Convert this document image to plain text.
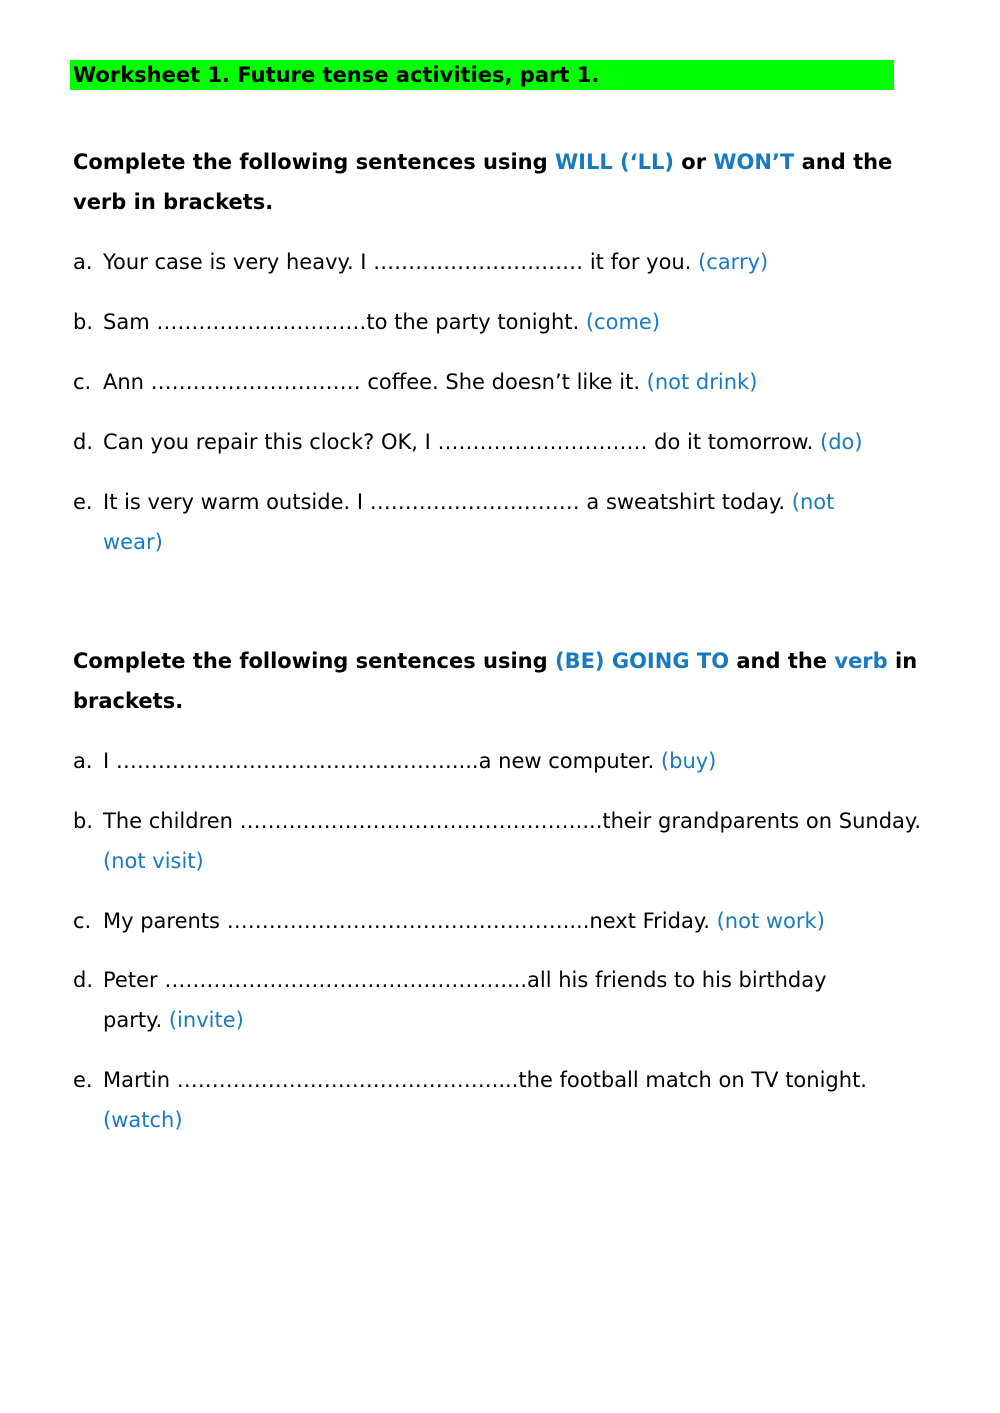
Worksheet 1. Future tense activities, part 1.
Complete the following sentences using WILL (‘LL) or WON’T and the verb in brackets.
a. Your case is very heavy. I ………………………… it for you. (carry)
b. Sam …………………………to the party tonight. (come)
c. Ann ………………………… coffee. She doesn’t like it. (not drink)
d. Can you repair this clock? OK, I ………………………… do it tomorrow. (do)
e. It is very warm outside. I ………………………… a sweatshirt today. (not wear)
Complete the following sentences using (BE) GOING TO and the verb in brackets.
a. I …………………………………………....a new computer. (buy)
b. The children …………………………………………....their grandparents on Sunday. (not visit)
c. My parents …………………………………………....next Friday. (not work)
d. Peter …………………………………………....all his friends to his birthday party. (invite)
e. Martin ………………………………………....the football match on TV tonight. (watch)
